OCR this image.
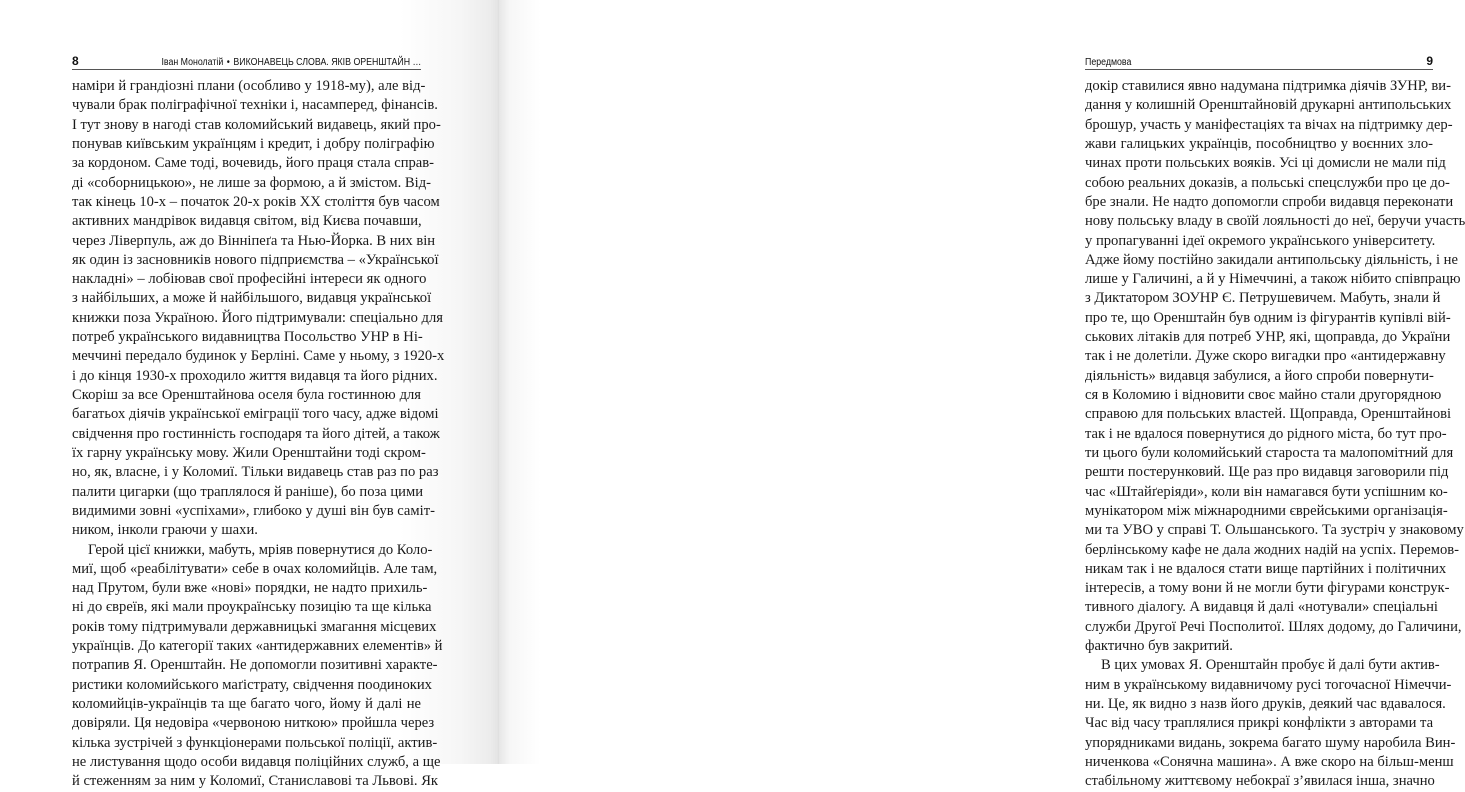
8	Іван Монолатій • ВИКОНАВЕЦЬ СЛОВА. ЯКІВ ОРЕНШТАЙН …
наміри й грандіозні плани (особливо у 1918-му), але від-
чували брак поліграфічної техніки і, насамперед, фінансів.
І тут знову в нагоді став коломийський видавець, який про-
понував київським українцям і кредит, і добру поліграфію
за кордоном. Саме тоді, вочевидь, його праця стала справ-
ді «соборницькою», не лише за формою, а й змістом. Від-
так кінець 10-х – початок 20-х років XX століття був часом
активних мандрівок видавця світом, від Києва почавши,
через Ліверпуль, аж до Вінніпеґа та Нью-Йорка. В них він
як один із засновників нового підприємства – «Української
накладні» – лобіював свої професійні інтереси як одного
з найбільших, а може й найбільшого, видавця української
книжки поза Україною. Його підтримували: спеціально для
потреб українського видавництва Посольство УНР в Ні-
меччині передало будинок у Берліні. Саме у ньому, з 1920-х
і до кінця 1930-х проходило життя видавця та його рідних.
Скоріш за все Оренштайнова оселя була гостинною для
багатьох діячів української еміграції того часу, адже відомі
свідчення про гостинність господаря та його дітей, а також
їх гарну українську мову. Жили Оренштайни тоді скром-
но, як, власне, і у Коломиї. Тільки видавець став раз по раз
палити цигарки (що траплялося й раніше), бо поза цими
видимими зовні «успіхами», глибоко у душі він був саміт-
ником, інколи граючи у шахи.
Герой цієї книжки, мабуть, мріяв повернутися до Коло-
миї, щоб «реабілітувати» себе в очах коломийців. Але там,
над Прутом, були вже «нові» порядки, не надто прихиль-
ні до євреїв, які мали проукраїнську позицію та ще кілька
років тому підтримували державницькі змагання місцевих
українців. До категорії таких «антидержавних елементів» й
потрапив Я. Оренштайн. Не допомогли позитивні характе-
ристики коломийського маґістрату, свідчення поодиноких
коломийців-українців та ще багато чого, йому й далі не
довіряли. Ця недовіра «червоною ниткою» пройшла через
кілька зустрічей з функціонерами польської поліції, актив-
не листування щодо особи видавця поліційних служб, а ще
й стеженням за ним у Коломиї, Станиславові та Львові. Як
Передмова	9
докір ставилися явно надумана підтримка діячів ЗУНР, ви-
дання у колишній Оренштайновій друкарні антипольських
брошур, участь у маніфестаціях та вічах на підтримку дер-
жави галицьких українців, пособництво у воєнних зло-
чинах проти польських вояків. Усі ці домисли не мали під
собою реальних доказів, а польські спецслужби про це до-
бре знали. Не надто допомогли спроби видавця переконати
нову польську владу в своїй лояльності до неї, беручи участь
у пропагуванні ідеї окремого українського університету.
Адже йому постійно закидали антипольську діяльність, і не
лише у Галичині, а й у Німеччині, а також нібито співпрацю
з Диктатором ЗОУНР Є. Петрушевичем. Мабуть, знали й
про те, що Оренштайн був одним із фігурантів купівлі вій-
ськових літаків для потреб УНР, які, щоправда, до України
так і не долетіли. Дуже скоро вигадки про «антидержавну
діяльність» видавця забулися, а його спроби повернути-
ся в Коломию і відновити своє майно стали другорядною
справою для польських властей. Щоправда, Оренштайнові
так і не вдалося повернутися до рідного міста, бо тут про-
ти цього були коломийський староста та малопомітний для
решти постерунковий. Ще раз про видавця заговорили під
час «Штайґеріяди», коли він намагався бути успішним ко-
мунікатором між міжнародними єврейськими організація-
ми та УВО у справі Т. Ольшанського. Та зустріч у знаковому
берлінському кафе не дала жодних надій на успіх. Перемов-
никам так і не вдалося стати вище партійних і політичних
інтересів, а тому вони й не могли бути фігурами конструк-
тивного діалогу. А видавця й далі «нотували» спеціальні
служби Другої Речі Посполитої. Шлях додому, до Галичини,
фактично був закритий.
В цих умовах Я. Оренштайн пробує й далі бути актив-
ним в українському видавничому русі тогочасної Німеччи-
ни. Це, як видно з назв його друків, деякий час вдавалося.
Час від часу траплялися прикрі конфлікти з авторами та
упорядниками видань, зокрема багато шуму наробила Вин-
ниченкова «Сонячна машина». А вже скоро на більш-менш
стабільному життєвому небокраї з’явилася інша, значно
